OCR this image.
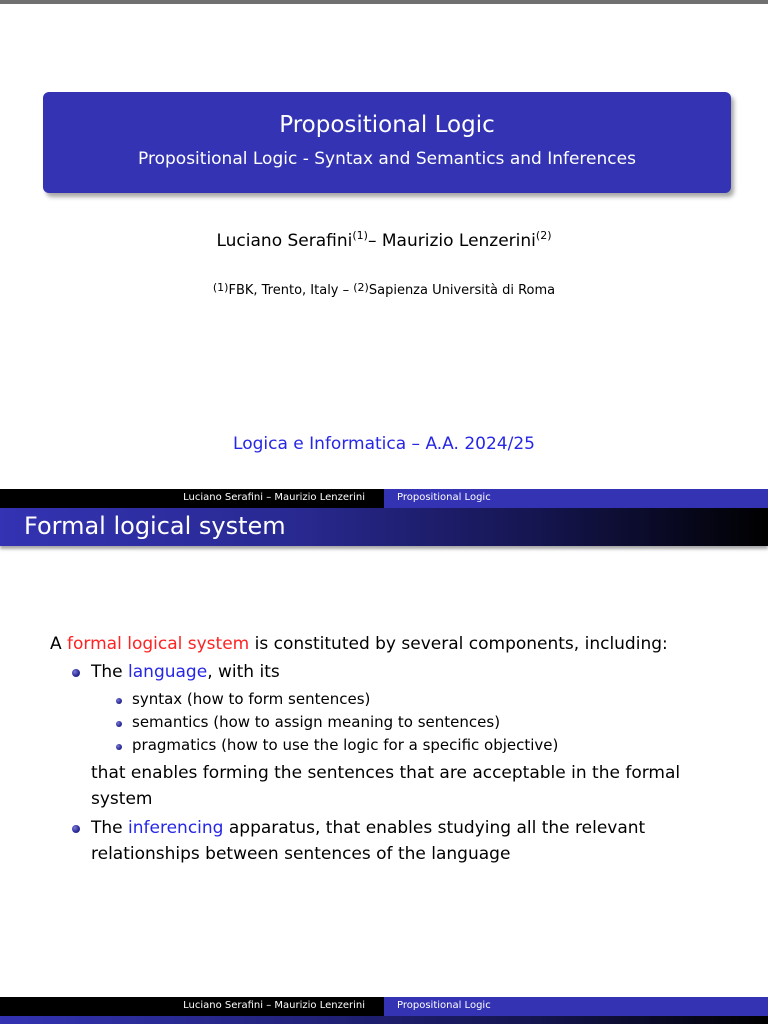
Propositional Logic
Propositional Logic - Syntax and Semantics and Inferences
Luciano Serafini$^{(1)}$– Maurizio Lenzerini$^{(2)}$
$^{(1)}$FBK, Trento, Italy – $^{(2)}$Sapienza Università di Roma
Logica e Informatica – A.A. 2024/25
Luciano Serafini – Maurizio Lenzerini	Propositional Logic
Formal logical system
A formal logical system is constituted by several components, including:
The language, with its
syntax (how to form sentences)
semantics (how to assign meaning to sentences)
pragmatics (how to use the logic for a specific objective)
that enables forming the sentences that are acceptable in the formal
system
The inferencing apparatus, that enables studying all the relevant
relationships between sentences of the language
Luciano Serafini – Maurizio Lenzerini	Propositional Logic
